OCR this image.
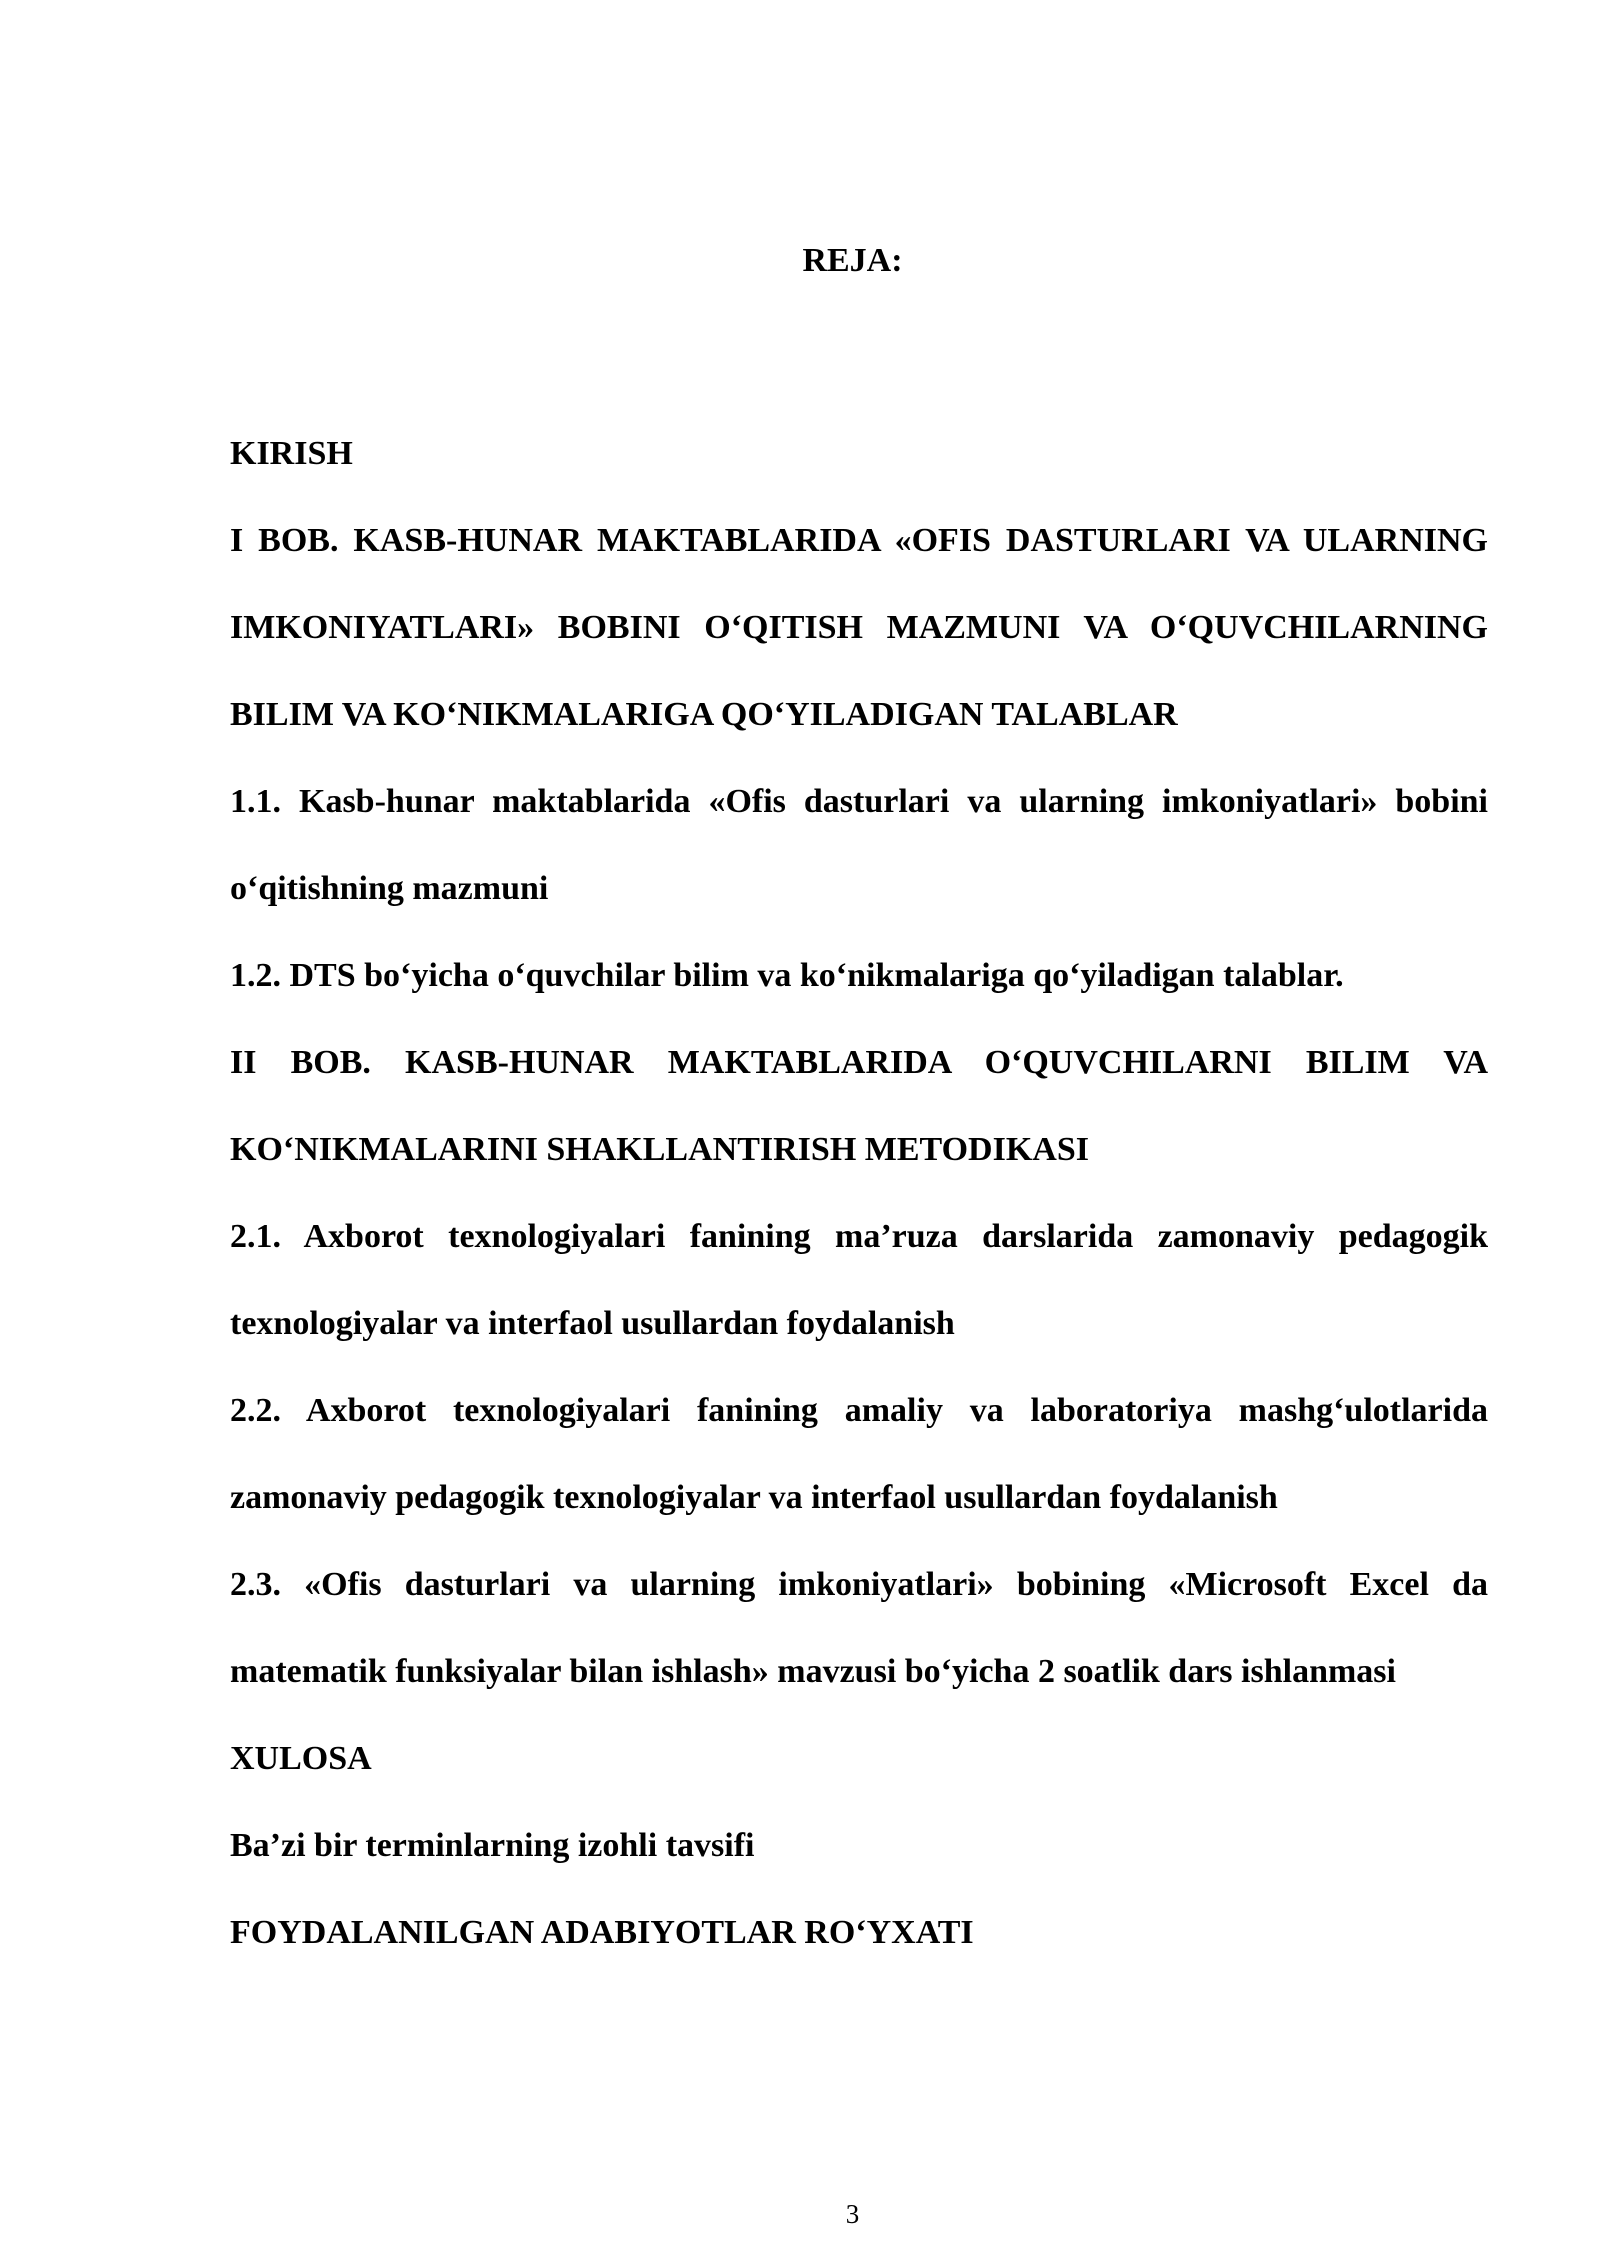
REJA:

KIRISH

I BOB. KASB-HUNAR MAKTABLARIDA «OFIS DASTURLARI VA ULARNING IMKONIYATLARI» BOBINI O‘QITISH MAZMUNI VA O‘QUVCHILARNING BILIM VA KO‘NIKMALARIGA QO‘YILADIGAN TALABLAR

1.1. Kasb-hunar maktablarida «Ofis dasturlari va ularning imkoniyatlari» bobini o‘qitishning mazmuni

1.2. DTS bo‘yicha o‘quvchilar bilim va ko‘nikmalariga qo‘yiladigan talablar.

II BOB. KASB-HUNAR MAKTABLARIDA O‘QUVCHILARNI BILIM VA KO‘NIKMALARINI SHAKLLANTIRISH METODIKASI

2.1. Axborot texnologiyalari fanining ma’ruza darslarida zamonaviy pedagogik texnologiyalar va interfaol usullardan foydalanish

2.2. Axborot texnologiyalari fanining amaliy va laboratoriya mashg‘ulotlarida zamonaviy pedagogik texnologiyalar va interfaol usullardan foydalanish

2.3. «Ofis dasturlari va ularning imkoniyatlari» bobining «Microsoft Excel da matematik funksiyalar bilan ishlash» mavzusi bo‘yicha 2 soatlik dars ishlanmasi

XULOSA

Ba’zi bir terminlarning izohli tavsifi

FOYDALANILGAN ADABIYOTLAR RO‘YXATI

3
